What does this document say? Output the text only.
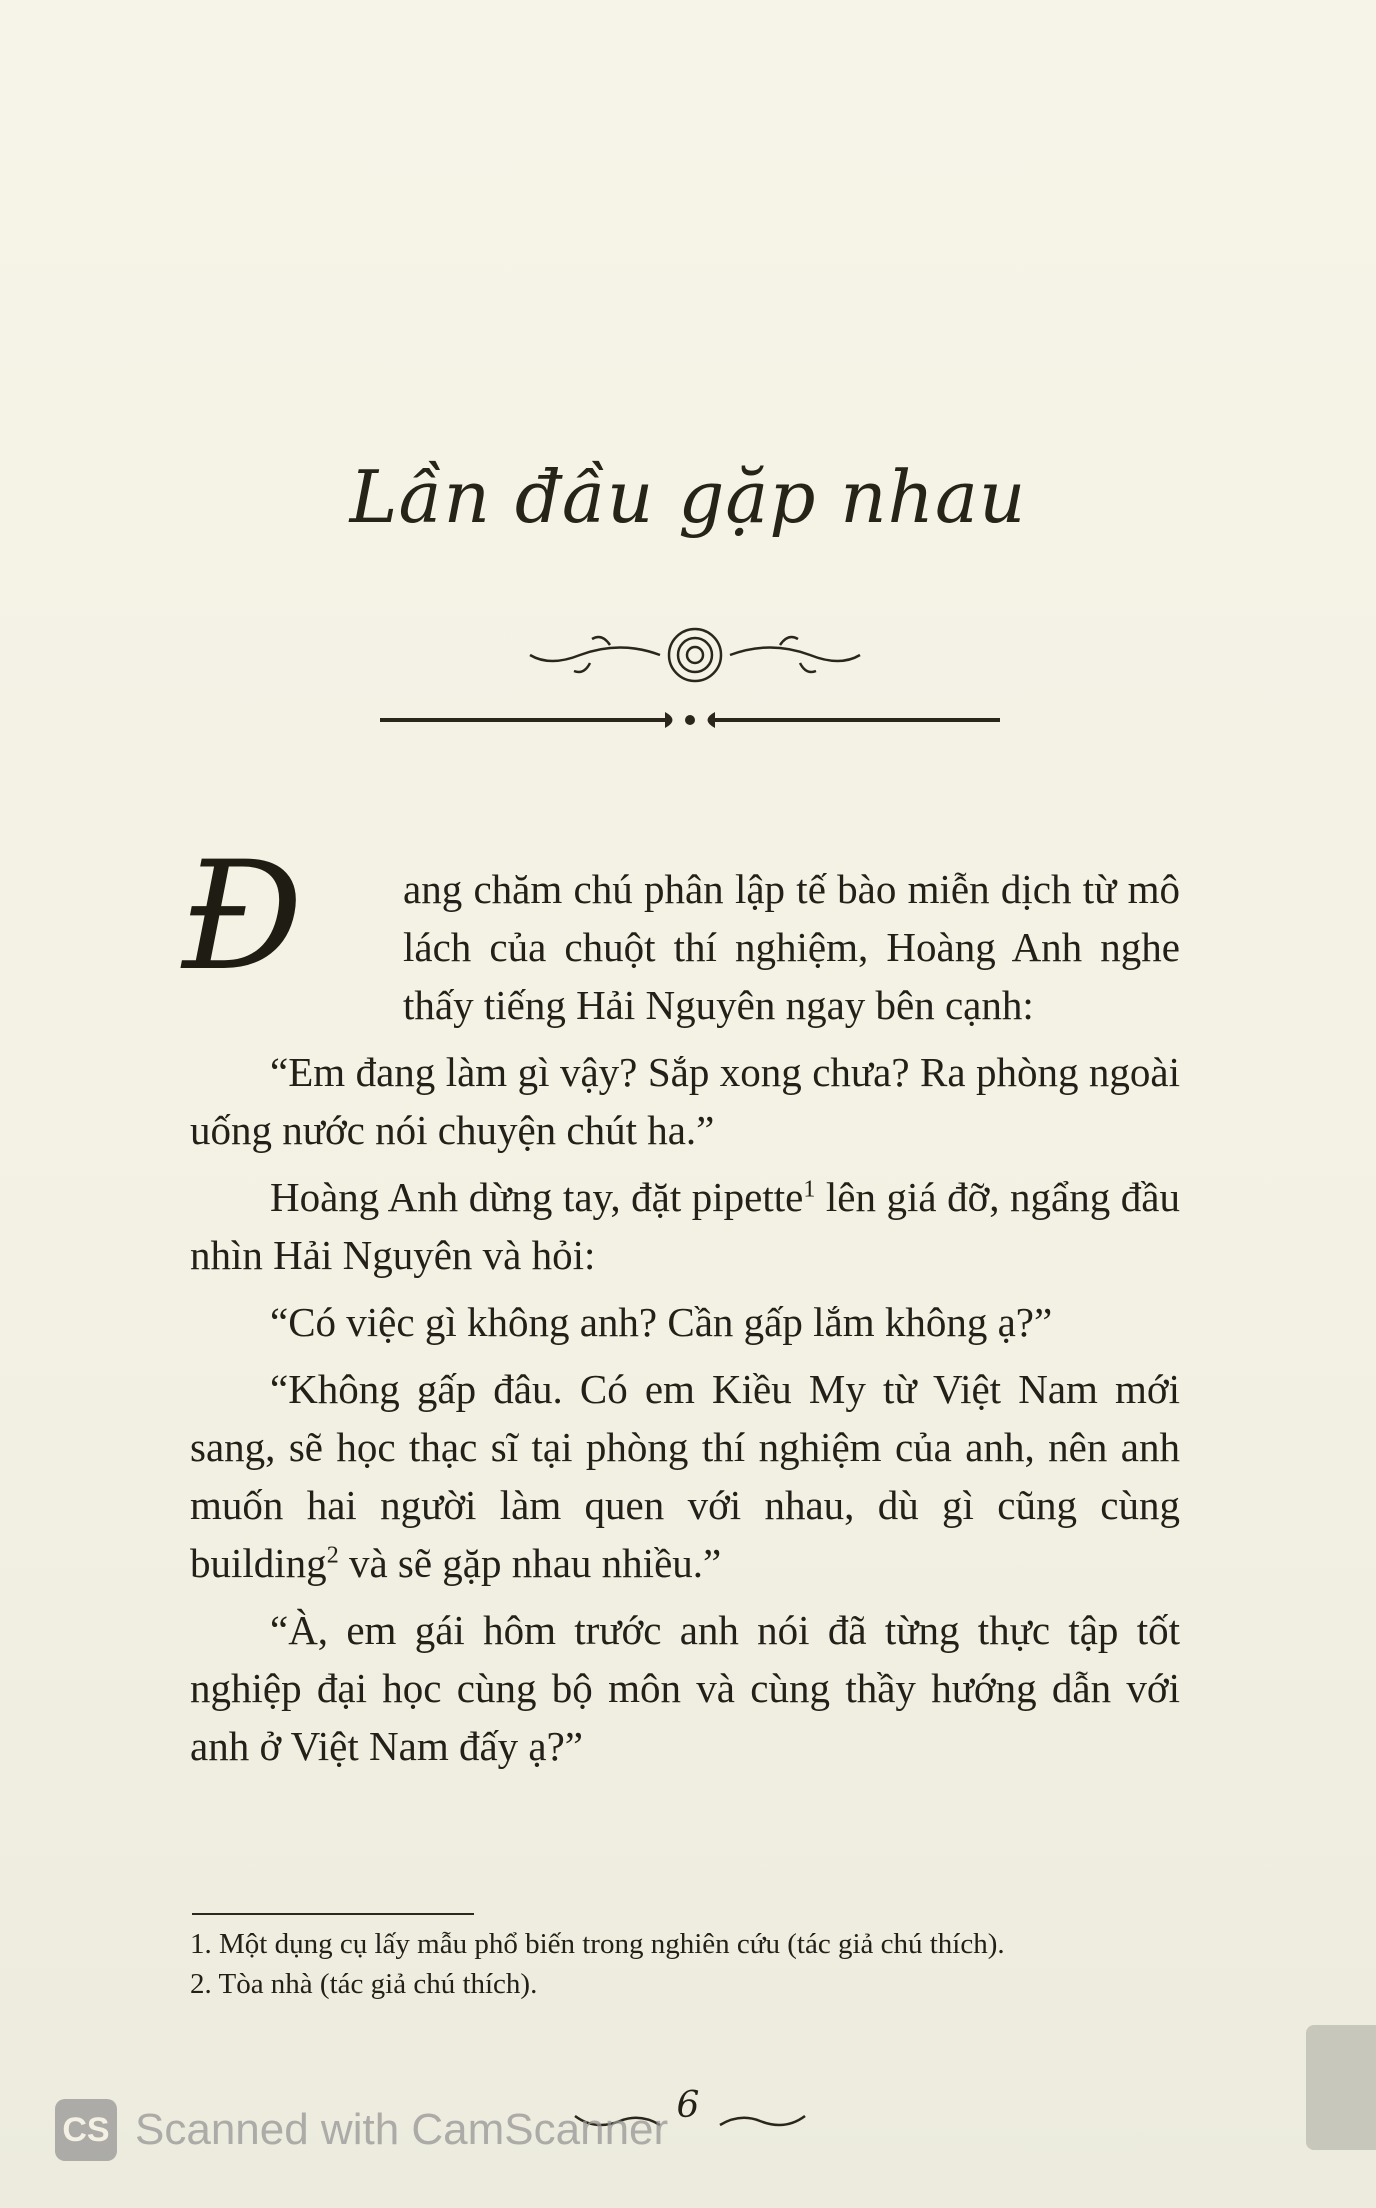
Lần đầu gặp nhau

Đ	ang chăm chú phân lập tế bào miễn dịch từ mô lách của chuột thí nghiệm, Hoàng Anh nghe thấy tiếng Hải Nguyên ngay bên cạnh:

“Em đang làm gì vậy? Sắp xong chưa? Ra phòng ngoài uống nước nói chuyện chút ha.”

Hoàng Anh dừng tay, đặt pipette$^1$ lên giá đỡ, ngẩng đầu nhìn Hải Nguyên và hỏi:

“Có việc gì không anh? Cần gấp lắm không ạ?”

“Không gấp đâu. Có em Kiều My từ Việt Nam mới sang, sẽ học thạc sĩ tại phòng thí nghiệm của anh, nên anh muốn hai người làm quen với nhau, dù gì cũng cùng building$^2$ và sẽ gặp nhau nhiều.”

“À, em gái hôm trước anh nói đã từng thực tập tốt nghiệp đại học cùng bộ môn và cùng thầy hướng dẫn với anh ở Việt Nam đấy ạ?”

1. Một dụng cụ lấy mẫu phổ biến trong nghiên cứu (tác giả chú thích).
2. Tòa nhà (tác giả chú thích).
6
CS Scanned with CamScanner
